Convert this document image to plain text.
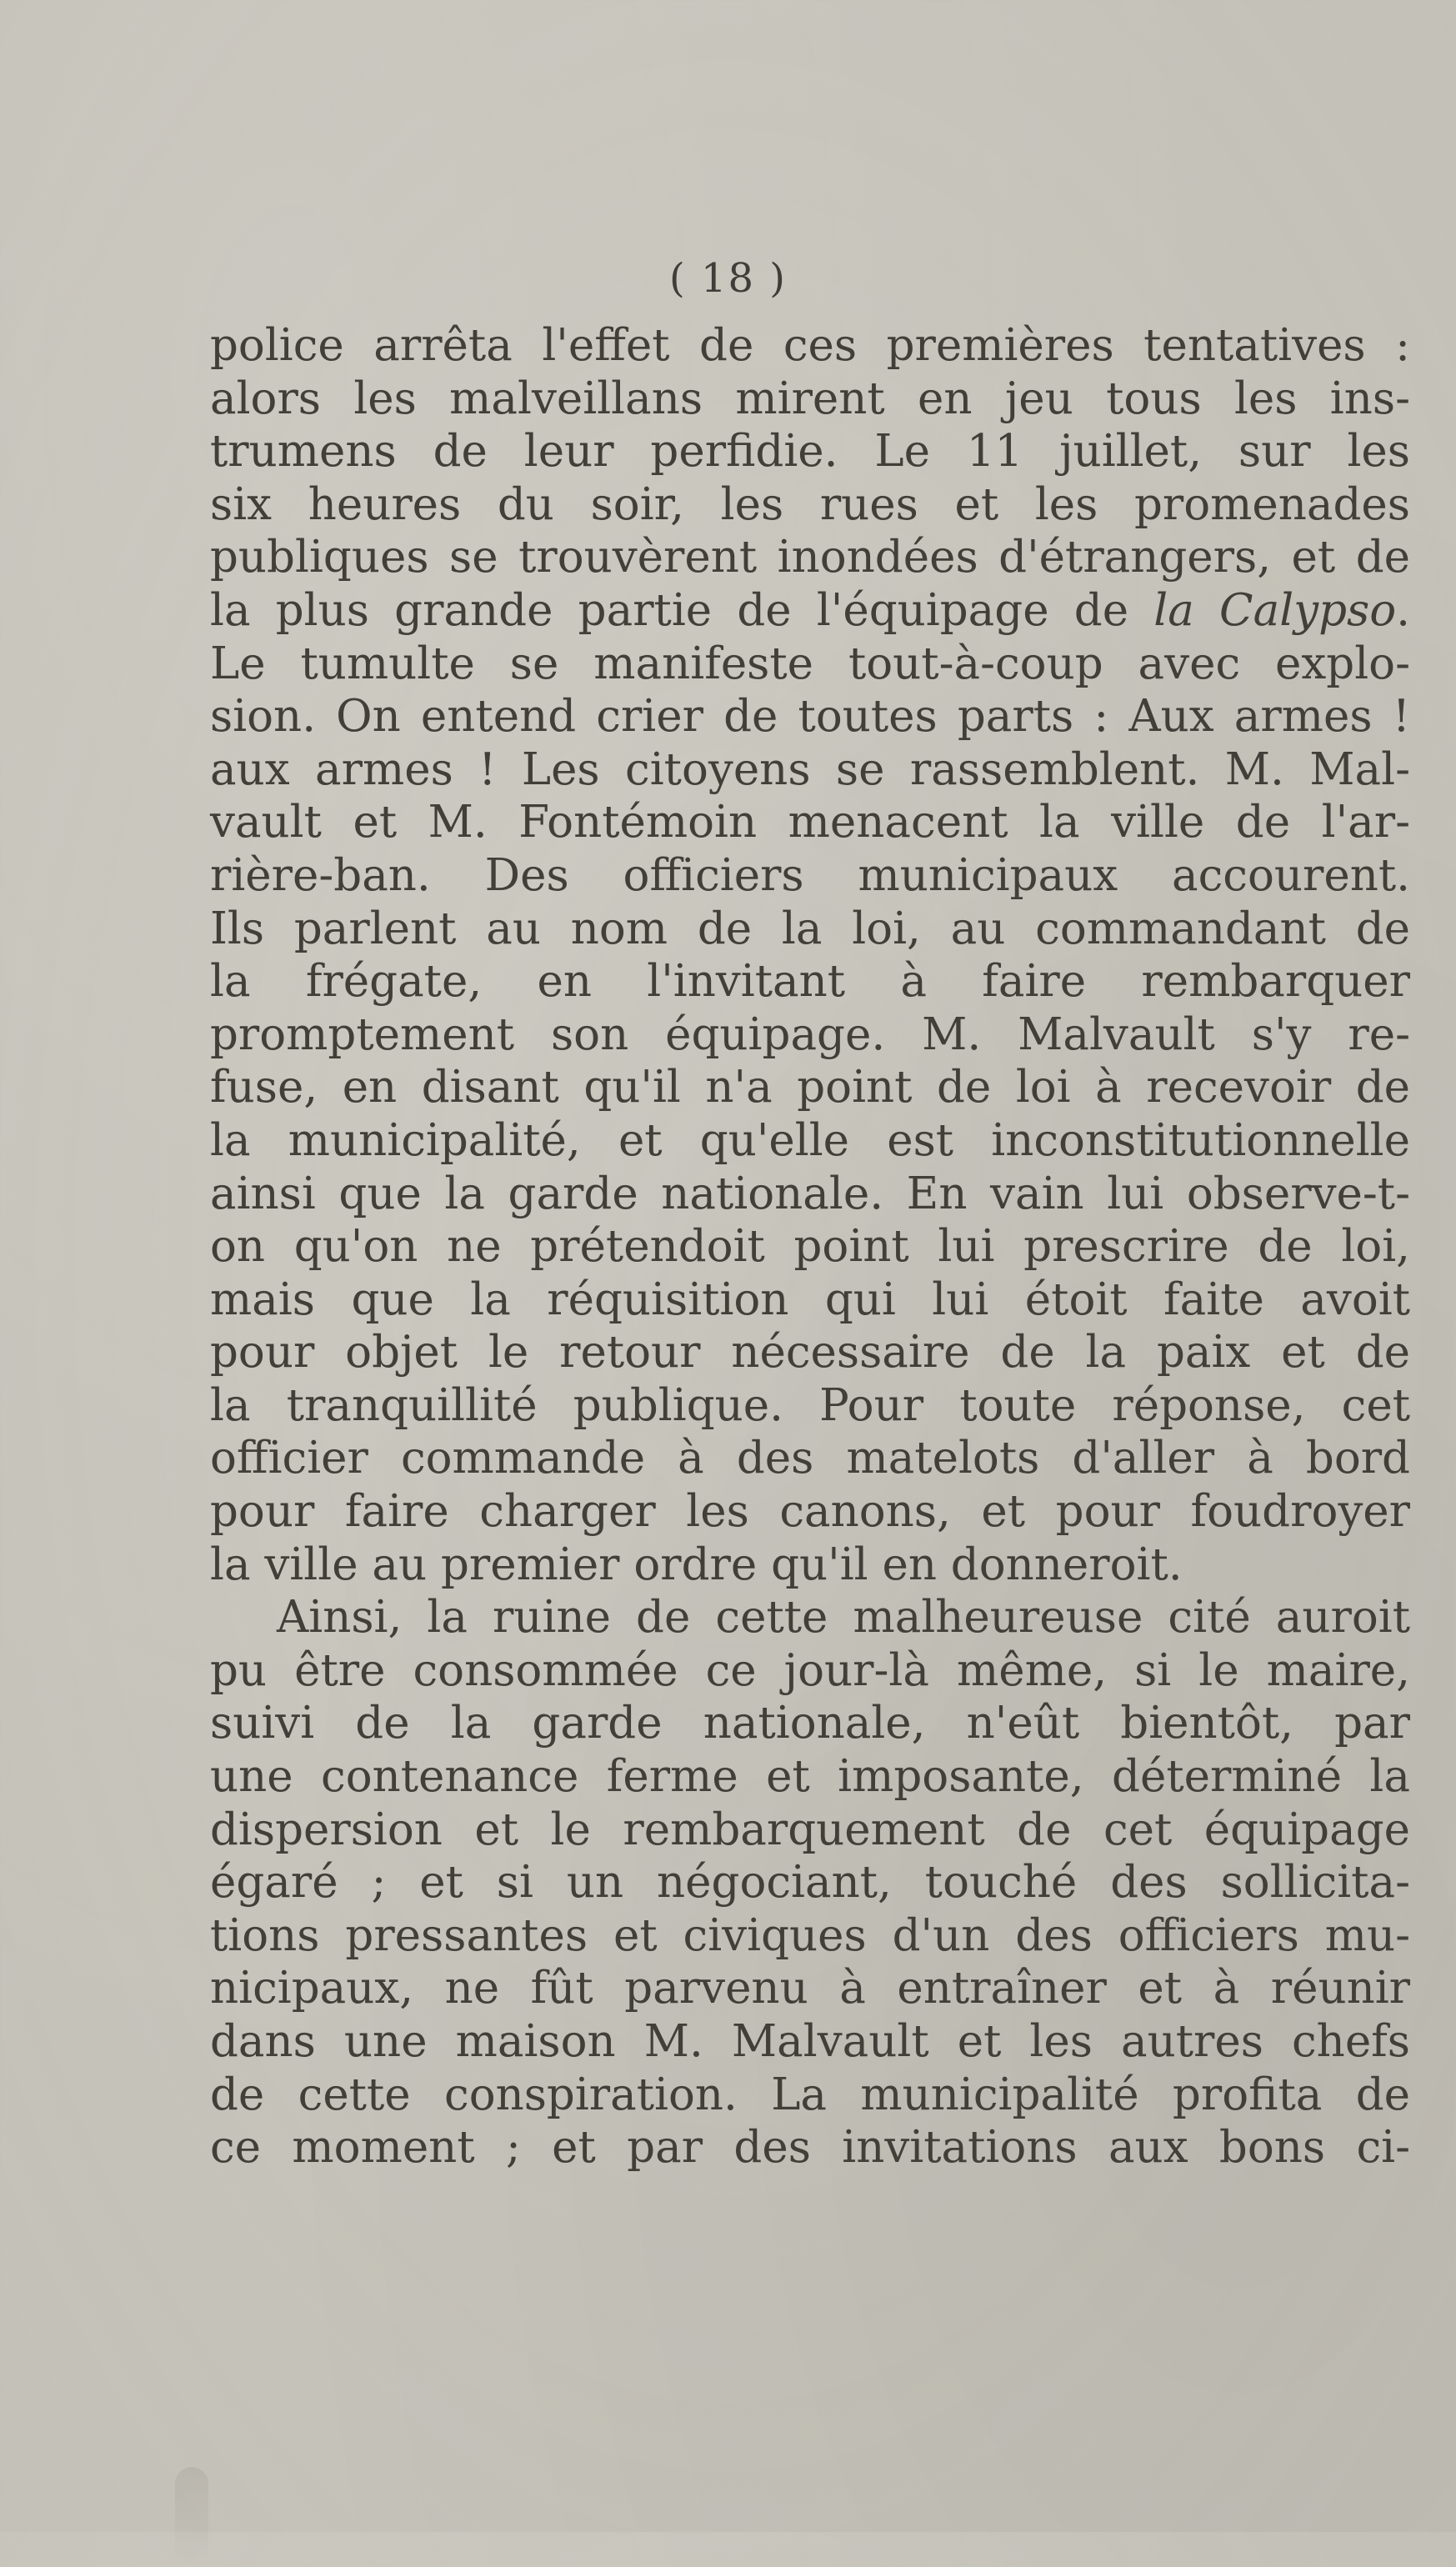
( 18 )
police arrêta l'effet de ces premières tentatives :
alors les malveillans mirent en jeu tous les ins-
trumens de leur perfidie. Le 11 juillet, sur les
six heures du soir, les rues et les promenades
publiques se trouvèrent inondées d'étrangers, et de
la plus grande partie de l'équipage de la Calypso.
Le tumulte se manifeste tout-à-coup avec explo-
sion. On entend crier de toutes parts : Aux armes !
aux armes ! Les citoyens se rassemblent. M. Mal-
vault et M. Fontémoin menacent la ville de l'ar-
rière-ban. Des officiers municipaux accourent.
Ils parlent au nom de la loi, au commandant de
la frégate, en l'invitant à faire rembarquer
promptement son équipage. M. Malvault s'y re-
fuse, en disant qu'il n'a point de loi à recevoir de
la municipalité, et qu'elle est inconstitutionnelle
ainsi que la garde nationale. En vain lui observe-t-
on qu'on ne prétendoit point lui prescrire de loi,
mais que la réquisition qui lui étoit faite avoit
pour objet le retour nécessaire de la paix et de
la tranquillité publique. Pour toute réponse, cet
officier commande à des matelots d'aller à bord
pour faire charger les canons, et pour foudroyer
la ville au premier ordre qu'il en donneroit.
Ainsi, la ruine de cette malheureuse cité auroit
pu être consommée ce jour-là même, si le maire,
suivi de la garde nationale, n'eût bientôt, par
une contenance ferme et imposante, déterminé la
dispersion et le rembarquement de cet équipage
égaré ; et si un négociant, touché des sollicita-
tions pressantes et civiques d'un des officiers mu-
nicipaux, ne fût parvenu à entraîner et à réunir
dans une maison M. Malvault et les autres chefs
de cette conspiration. La municipalité profita de
ce moment ; et par des invitations aux bons ci-
